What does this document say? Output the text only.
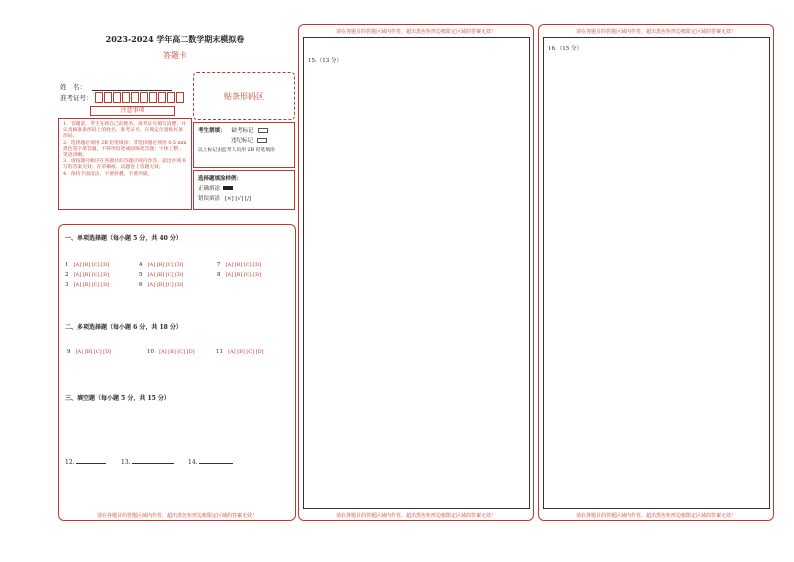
2023-2024 学年高二数学期末模拟卷
答题卡
姓　名：
准考证号：	贴条形码区
注意事项
1．答题前，考生先将自己的姓名、准考证号填写清楚，并认真核准条形码上的姓名、准考证号，在规定位置贴好条形码。
2．选择题必须用 2B 铅笔填涂；非选择题必须用 0.5 mm 黑色签字笔答题，不得用铅笔或圆珠笔答题；字体工整、笔迹清晰。
3．请按题号顺序在各题目的答题区域内作答，超出区域书写的答案无效；在草稿纸、试题卷上答题无效。
4．保持卡面清洁，不要折叠、不要弄破。
考生禁填： 缺考标记
违纪标记
以上标记由监考人员用 2B 铅笔填涂
选择题填涂样例：
正确填涂
错误填涂 [×] [√] [/]
一、单项选择题（每小题 5 分，共 40 分）
1 [A] [B] [C] [D]
2 [A] [B] [C] [D]
3 [A] [B] [C] [D]
4 [A] [B] [C] [D]
5 [A] [B] [C] [D]
6 [A] [B] [C] [D]
7 [A] [B] [C] [D]
8 [A] [B] [C] [D]
二、多项选择题（每小题 6 分，共 18 分）
9 [A] [B] [C] [D]	10 [A] [B] [C] [D]	11 [A] [B] [C] [D]
三、填空题（每小题 5 分，共 15 分）
12.	13.	14.
请在各题目的答题区域内作答，超出黑色矩形边框限定区域的答案无效！
请在各题目的答题区域内作答，超出黑色矩形边框限定区域的答案无效！
15.（13 分）
请在各题目的答题区域内作答，超出黑色矩形边框限定区域的答案无效！
请在各题目的答题区域内作答，超出黑色矩形边框限定区域的答案无效！
16.（15 分）
请在各题目的答题区域内作答，超出黑色矩形边框限定区域的答案无效！
